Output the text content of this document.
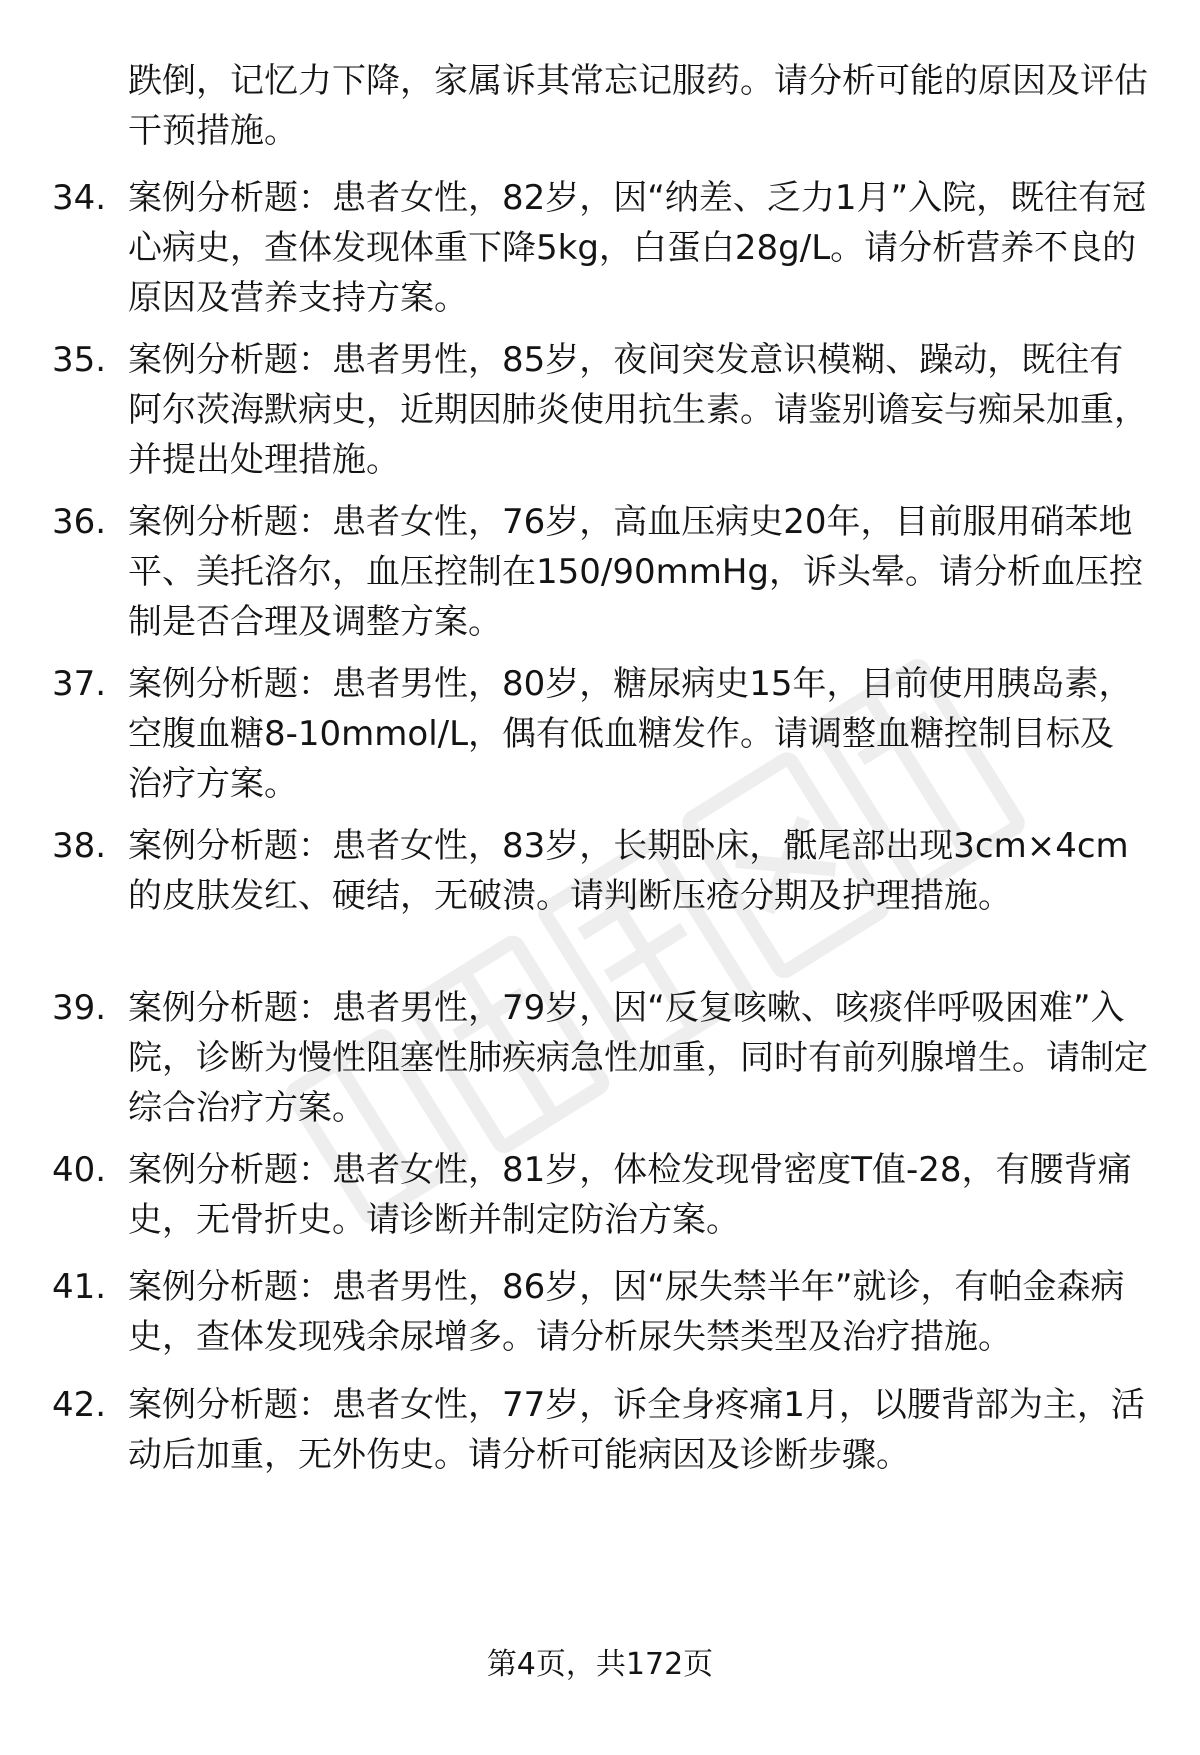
跌倒，记忆力下降，家属诉其常忘记服药。请分析可能的原因及评估干预措施。

34. 案例分析题：患者女性，82岁，因“纳差、乏力1月”入院，既往有冠心病史，查体发现体重下降5kg，白蛋白28g/L。请分析营养不良的原因及营养支持方案。

35. 案例分析题：患者男性，85岁，夜间突发意识模糊、躁动，既往有阿尔茨海默病史，近期因肺炎使用抗生素。请鉴别谵妄与痴呆加重，并提出处理措施。

36. 案例分析题：患者女性，76岁，高血压病史20年，目前服用硝苯地平、美托洛尔，血压控制在150/90mmHg，诉头晕。请分析血压控制是否合理及调整方案。

37. 案例分析题：患者男性，80岁，糖尿病史15年，目前使用胰岛素，空腹血糖8-10mmol/L，偶有低血糖发作。请调整血糖控制目标及治疗方案。

38. 案例分析题：患者女性，83岁，长期卧床，骶尾部出现3cm×4cm的皮肤发红、硬结，无破溃。请判断压疮分期及护理措施。

39. 案例分析题：患者男性，79岁，因“反复咳嗽、咳痰伴呼吸困难”入院，诊断为慢性阻塞性肺疾病急性加重，同时有前列腺增生。请制定综合治疗方案。

40. 案例分析题：患者女性，81岁，体检发现骨密度T值-28，有腰背痛史，无骨折史。请诊断并制定防治方案。

41. 案例分析题：患者男性，86岁，因“尿失禁半年”就诊，有帕金森病史，查体发现残余尿增多。请分析尿失禁类型及治疗措施。

42. 案例分析题：患者女性，77岁，诉全身疼痛1月，以腰背部为主，活动后加重，无外伤史。请分析可能病因及诊断步骤。

第4页，共172页
